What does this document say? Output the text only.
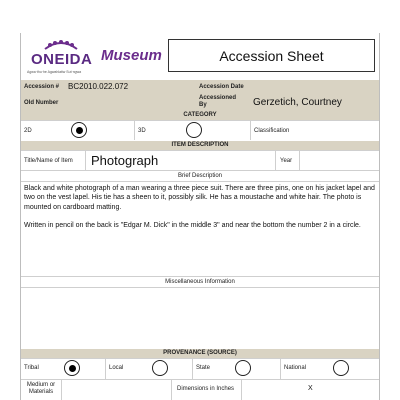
ONEIDA
Agwa·thu·he Agwahlatiw Sut·ngwa
Museum	Accession Sheet
Accession # BC2010.022.072	Accession Date
Old Number
Accessioned By	Gerzetich, Courtney
CATEGORY
2D	3D	Classification
ITEM DESCRIPTION
Title/Name of Item Photograph	Year
Brief Description
Black and white photograph of a man wearing a three piece suit. There are three pins, one on his jacket lapel and two on the vest lapel. His tie has a sheen to it, possibly silk. He has a moustache and white hair. The photo is mounted on cardboard matting.
Written in pencil on the back is "Edgar M. Dick" in the middle 3" and near the bottom the number 2 in a circle.
Miscellaneous Information
PROVENANCE (SOURCE)
Tribal	Local	State	National
Medium or Materials	Dimensions in Inches	X
